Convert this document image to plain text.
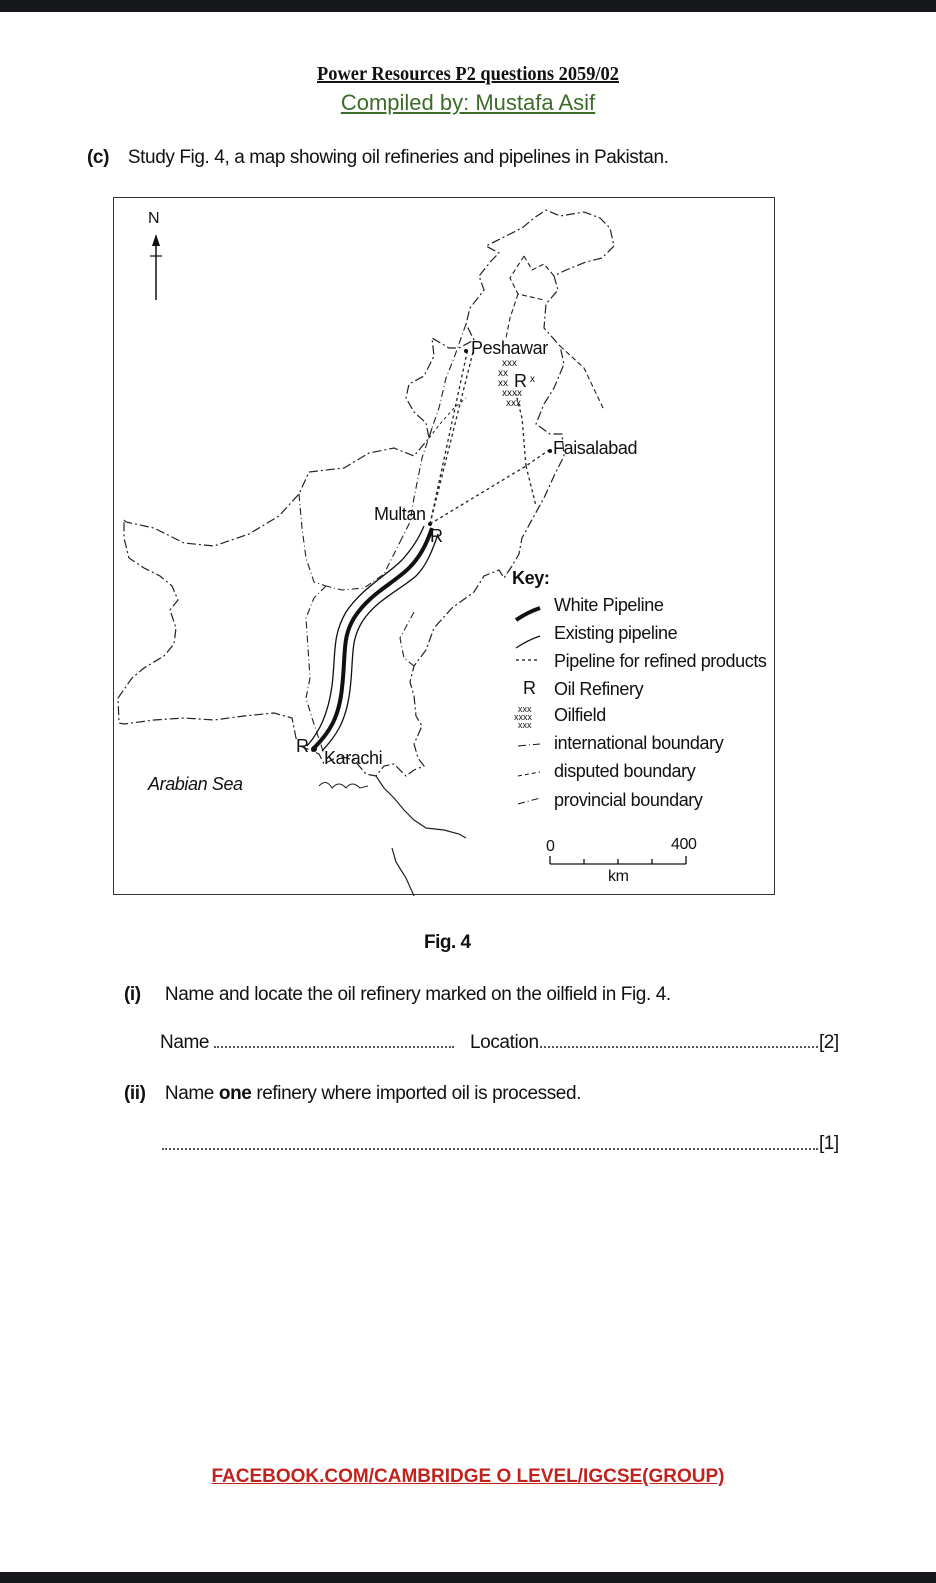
Power Resources P2 questions 2059/02
Compiled by: Mustafa Asif
(c) Study Fig. 4, a map showing oil refineries and pipelines in Pakistan.
xxx
xx
xx x
xxxx
xxx
R
xxx
xxxx
xxx
N
Peshawar
Faisalabad
Multan
R
Karachi
R
Arabian Sea
Key:
White Pipeline
Existing pipeline
Pipeline for refined products
R Oil Refinery
Oilfield
international boundary
disputed boundary
provincial boundary
0	400
km
Fig. 4
(i) Name and locate the oil refinery marked on the oilfield in Fig. 4.
Name	Location	[2]
(ii) Name one refinery where imported oil is processed.
[1]
FACEBOOK.COM/CAMBRIDGE O LEVEL/IGCSE(GROUP)
